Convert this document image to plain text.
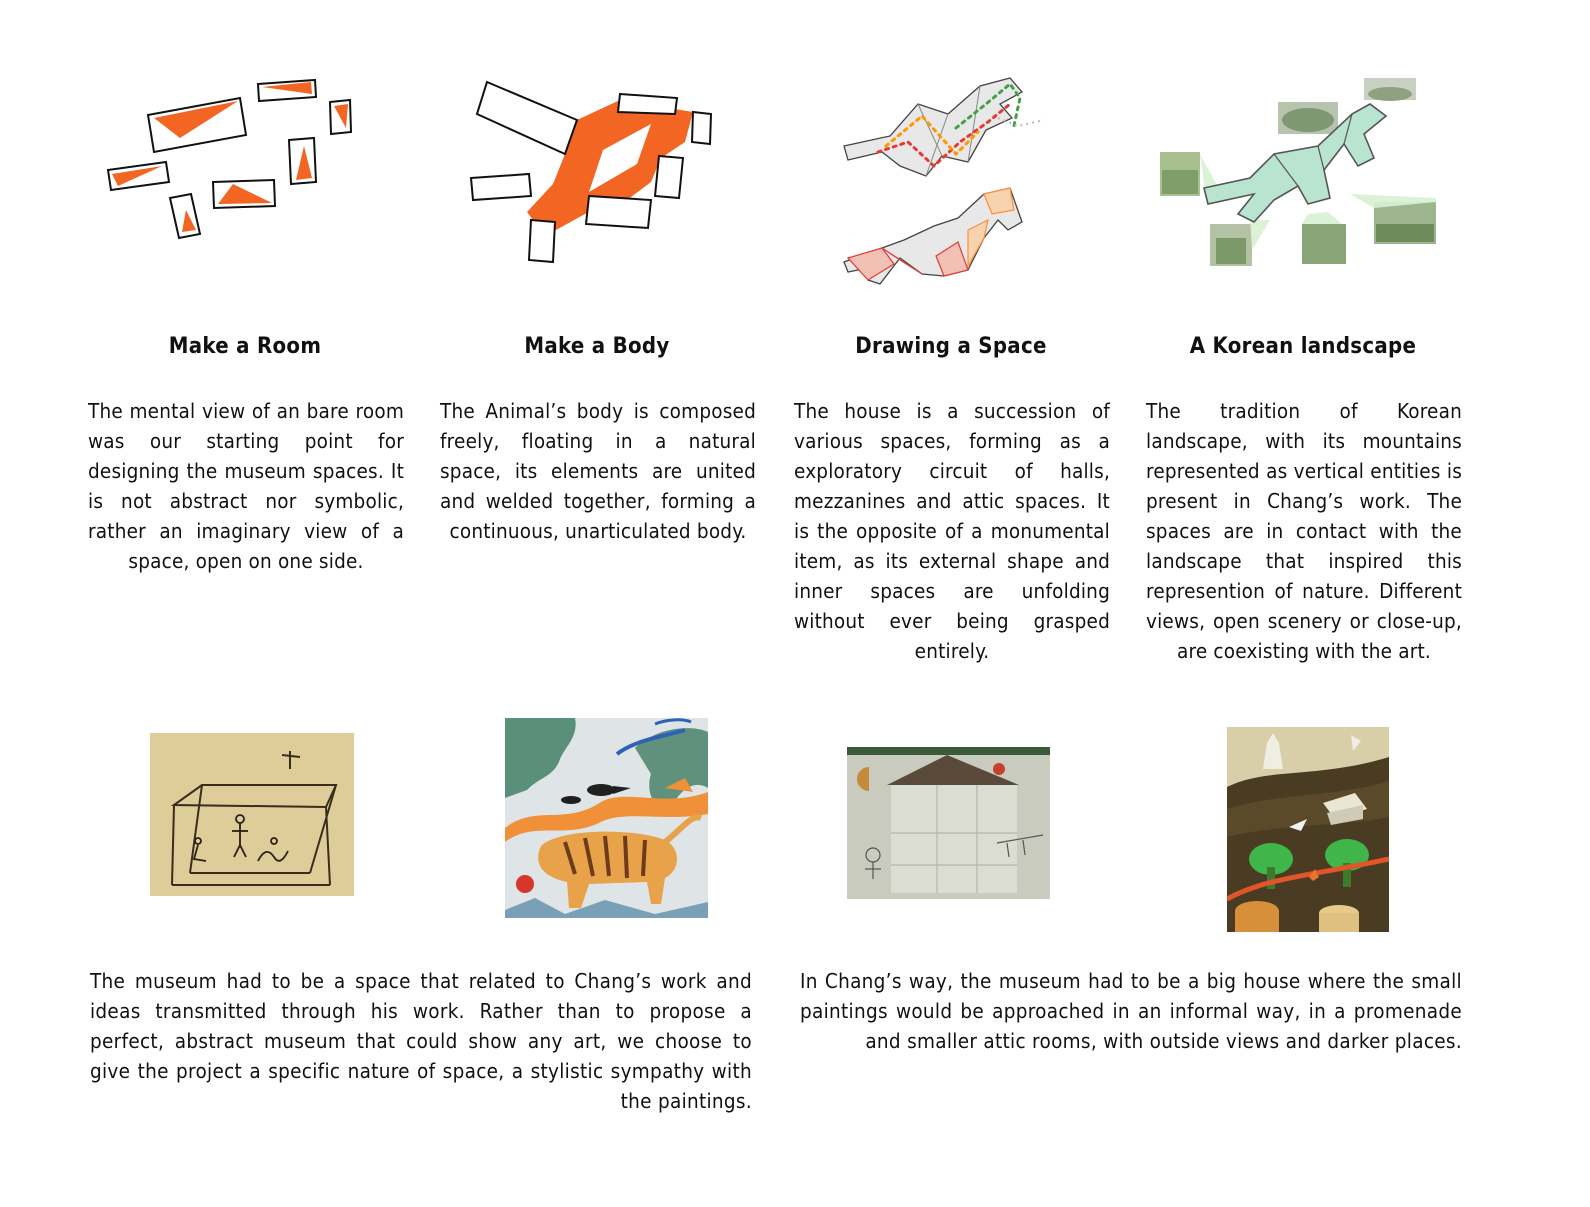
Make a Room	Make a Body	Drawing a Space	A Korean landscape
The mental view of an bare room was our starting point for designing the museum spaces. It is not abstract nor symbolic, rather an imaginary view of a space, open on one side.
The Animal’s body is composed freely, floating in a natural space, its elements are united and welded together, forming a continuous, unarticulated body.
The house is a succession of various spaces, forming as a exploratory circuit of halls, mezzanines and attic spaces. It is the opposite of a monumental item, as its external shape and inner spaces are unfolding without ever being grasped entirely.
The tradition of Korean landscape, with its mountains represented as vertical entities is present in Chang’s work. The spaces are in contact with the landscape that inspired this represention of nature. Different views, open scenery or close-up, are coexisting with the art.
The museum had to be a space that related to Chang’s work and ideas transmitted through his work. Rather than to propose a perfect, abstract museum that could show any art, we choose to give the project a specific nature of space, a stylistic sympathy with the paintings.
In Chang’s way, the museum had to be a big house where the small paintings would be approached in an informal way, in a promenade and smaller attic rooms, with outside views and darker places.
